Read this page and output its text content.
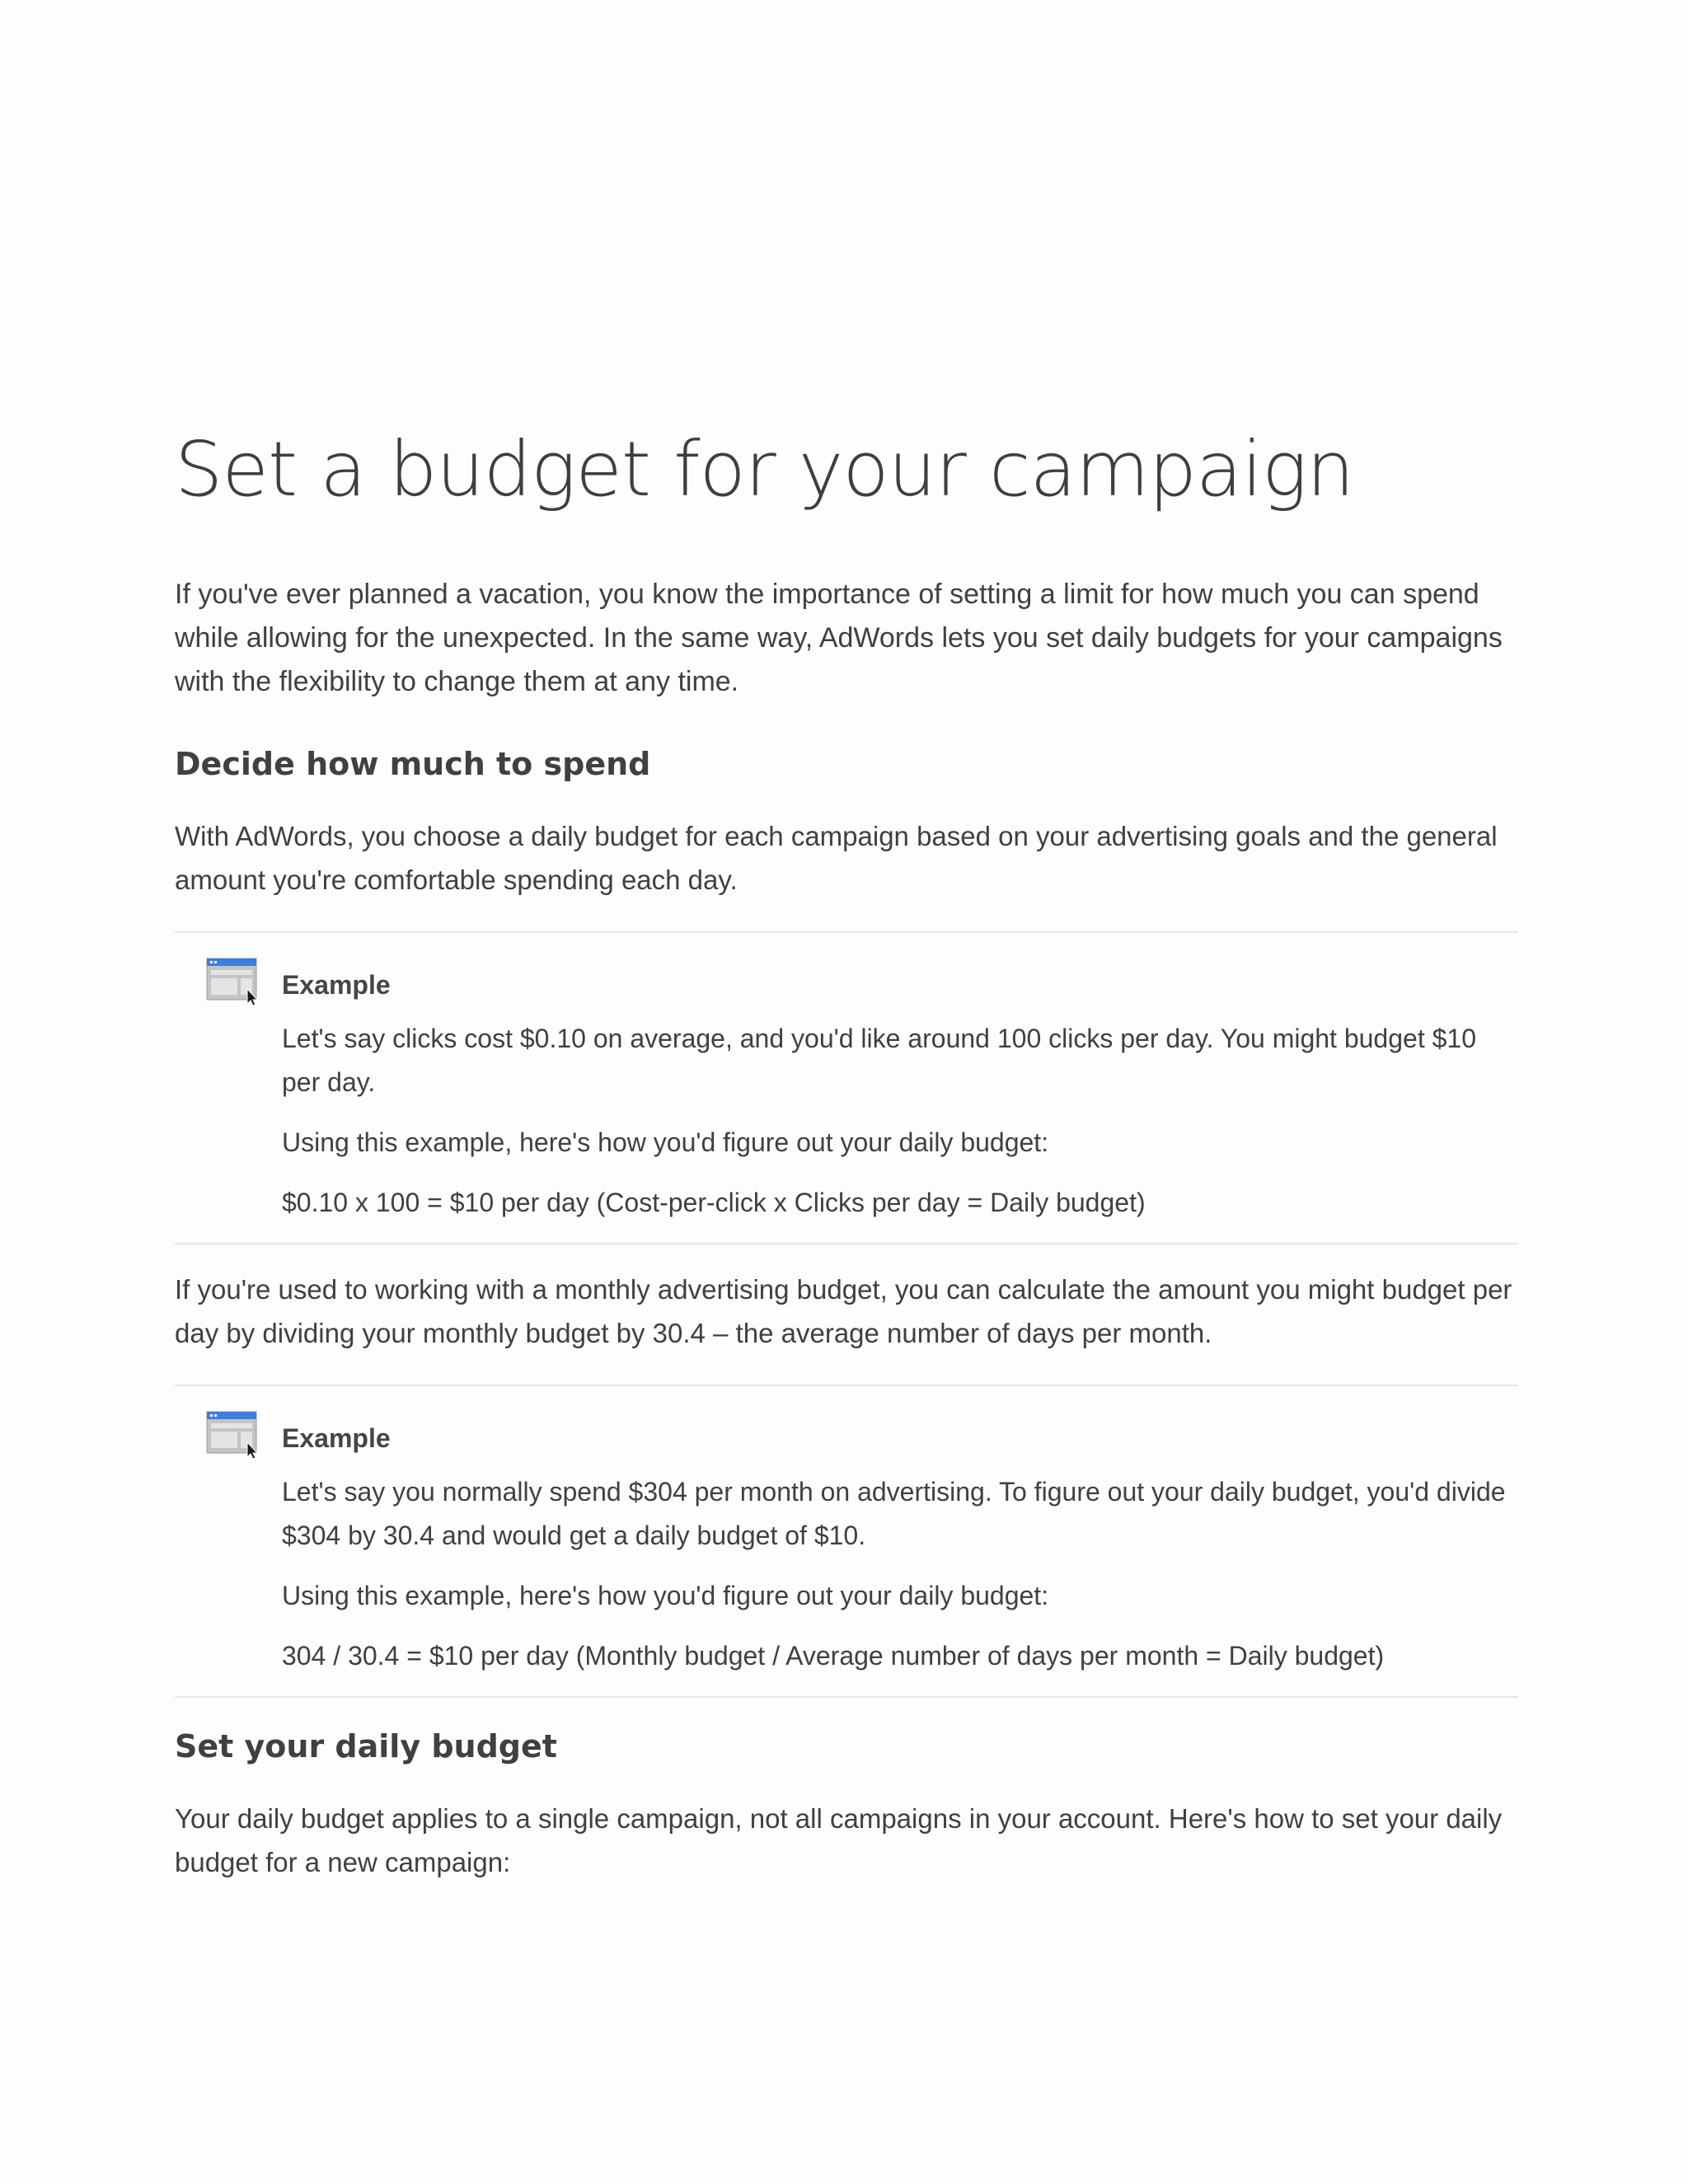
Set a budget for your campaign

If you've ever planned a vacation, you know the importance of setting a limit for how much you can spend while allowing for the unexpected. In the same way, AdWords lets you set daily budgets for your campaigns with the flexibility to change them at any time.

Decide how much to spend

With AdWords, you choose a daily budget for each campaign based on your advertising goals and the general amount you're comfortable spending each day.

Example

Let's say clicks cost $0.10 on average, and you'd like around 100 clicks per day. You might budget $10 per day.

Using this example, here's how you'd figure out your daily budget:

$0.10 x 100 = $10 per day (Cost-per-click x Clicks per day = Daily budget)

If you're used to working with a monthly advertising budget, you can calculate the amount you might budget per day by dividing your monthly budget by 30.4 – the average number of days per month.

Example

Let's say you normally spend $304 per month on advertising. To figure out your daily budget, you'd divide $304 by 30.4 and would get a daily budget of $10.

Using this example, here's how you'd figure out your daily budget:

304 / 30.4 = $10 per day (Monthly budget / Average number of days per month = Daily budget)

Set your daily budget

Your daily budget applies to a single campaign, not all campaigns in your account. Here's how to set your daily budget for a new campaign:
